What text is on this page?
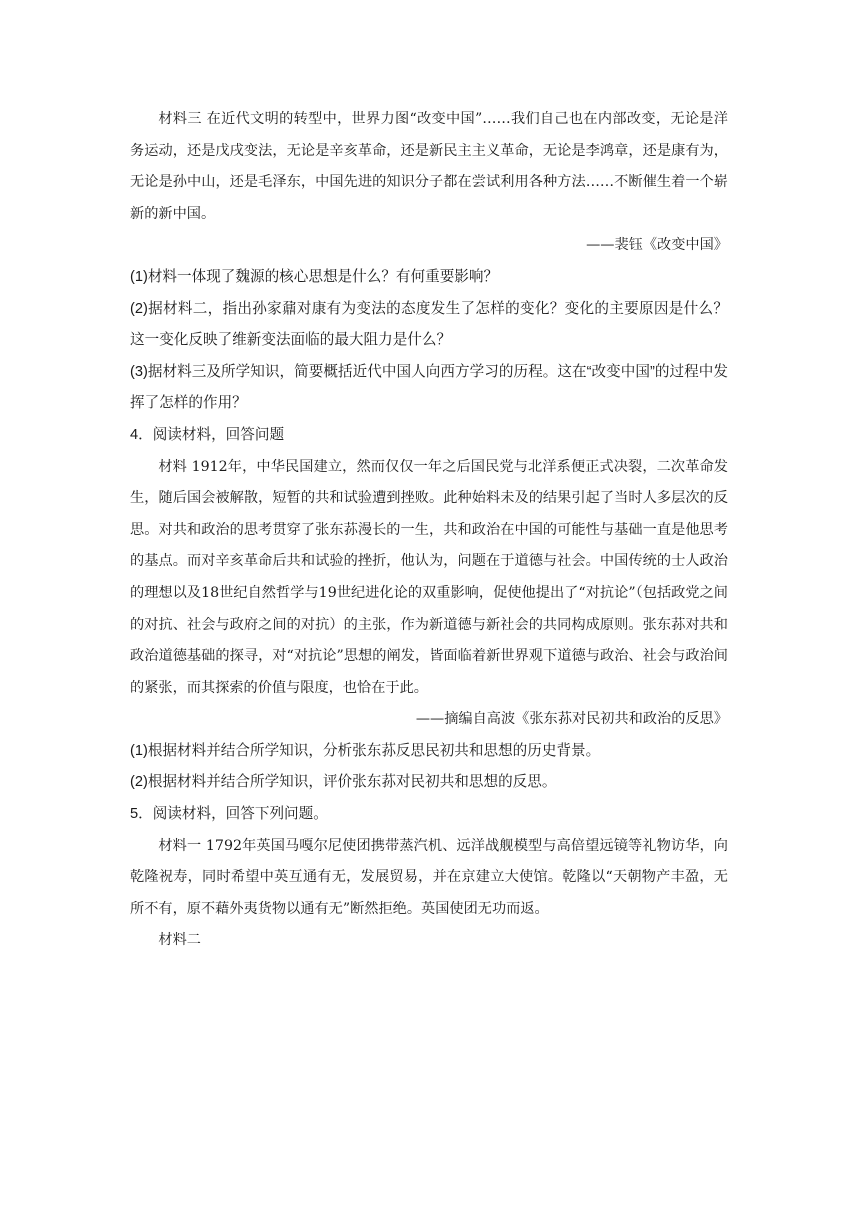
材料三 在近代文明的转型中，世界力图“改变中国”……我们自己也在内部改变，无论是洋务运动，还是戊戌变法，无论是辛亥革命，还是新民主主义革命，无论是李鸿章，还是康有为，无论是孙中山，还是毛泽东，中国先进的知识分子都在尝试利用各种方法……不断催生着一个崭新的新中国。

——裴钰《改变中国》

(1)材料一体现了魏源的核心思想是什么？有何重要影响？

(2)据材料二，指出孙家鼐对康有为变法的态度发生了怎样的变化？变化的主要原因是什么？这一变化反映了维新变法面临的最大阻力是什么？

(3)据材料三及所学知识，简要概括近代中国人向西方学习的历程。这在“改变中国”的过程中发挥了怎样的作用？

4．阅读材料，回答问题

材料 1912年，中华民国建立，然而仅仅一年之后国民党与北洋系便正式决裂，二次革命发生，随后国会被解散，短暂的共和试验遭到挫败。此种始料未及的结果引起了当时人多层次的反思。对共和政治的思考贯穿了张东荪漫长的一生，共和政治在中国的可能性与基础一直是他思考的基点。而对辛亥革命后共和试验的挫折，他认为，问题在于道德与社会。中国传统的士人政治的理想以及18世纪自然哲学与19世纪进化论的双重影响，促使他提出了“对抗论”（包括政党之间的对抗、社会与政府之间的对抗）的主张，作为新道德与新社会的共同构成原则。张东荪对共和政治道德基础的探寻，对“对抗论”思想的阐发，皆面临着新世界观下道德与政治、社会与政治间的紧张，而其探索的价值与限度，也恰在于此。

——摘编自高波《张东荪对民初共和政治的反思》

(1)根据材料并结合所学知识，分析张东荪反思民初共和思想的历史背景。

(2)根据材料并结合所学知识，评价张东荪对民初共和思想的反思。

5．阅读材料，回答下列问题。

材料一 1792年英国马嘎尔尼使团携带蒸汽机、远洋战舰模型与高倍望远镜等礼物访华，向乾隆祝寿，同时希望中英互通有无，发展贸易，并在京建立大使馆。乾隆以“天朝物产丰盈，无所不有，原不藉外夷货物以通有无”断然拒绝。英国使团无功而返。

材料二
